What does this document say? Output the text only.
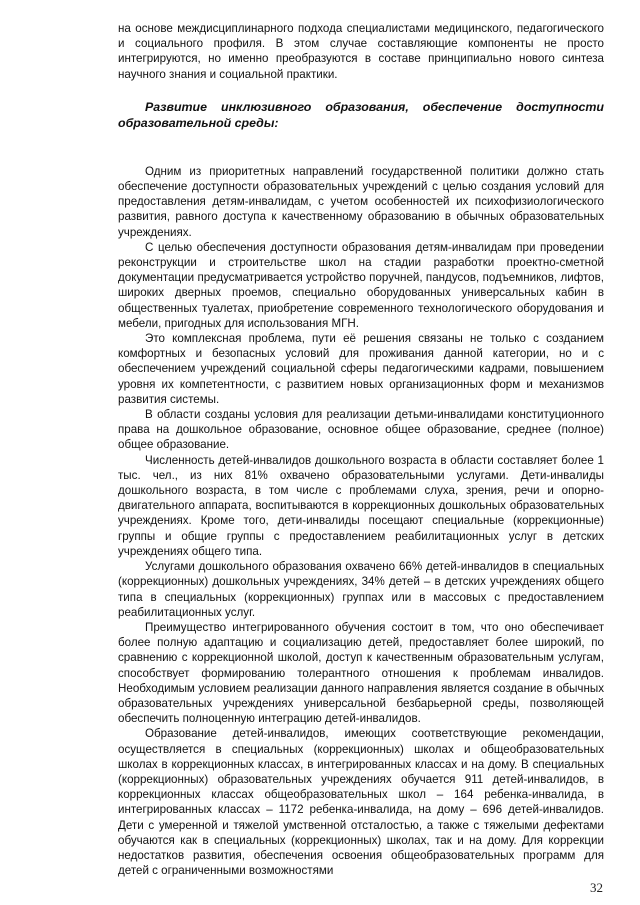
на основе междисциплинарного подхода специалистами медицинского, педагогического и социального профиля. В этом случае составляющие компоненты не просто интегрируются, но именно преобразуются в составе принципиально нового синтеза научного знания и социальной практики.

Развитие инклюзивного образования, обеспечение доступности образовательной среды:

Одним из приоритетных направлений государственной политики должно стать обеспечение доступности образовательных учреждений с целью создания условий для предоставления детям-инвалидам, с учетом особенностей их психофизиологического развития, равного доступа к качественному образованию в обычных образовательных учреждениях.

С целью обеспечения доступности образования детям-инвалидам при проведении реконструкции и строительстве школ на стадии разработки проектно-сметной документации предусматривается устройство поручней, пандусов, подъемников, лифтов, широких дверных проемов, специально оборудованных универсальных кабин в общественных туалетах, приобретение современного технологического оборудования и мебели, пригодных для использования МГН.

Это комплексная проблема, пути её решения связаны не только с созданием комфортных и безопасных условий для проживания данной категории, но и с обеспечением учреждений социальной сферы педагогическими кадрами, повышением уровня их компетентности, с развитием новых организационных форм и механизмов развития системы.

В области созданы условия для реализации детьми-инвалидами конституционного права на дошкольное образование, основное общее образование, среднее (полное) общее образование.

Численность детей-инвалидов дошкольного возраста в области составляет более 1 тыс. чел., из них 81% охвачено образовательными услугами. Дети-инвалиды дошкольного возраста, в том числе с проблемами слуха, зрения, речи и опорно-двигательного аппарата, воспитываются в коррекционных дошкольных образовательных учреждениях. Кроме того, дети-инвалиды посещают специальные (коррекционные) группы и общие группы с предоставлением реабилитационных услуг в детских учреждениях общего типа.

Услугами дошкольного образования охвачено 66% детей-инвалидов в специальных (коррекционных) дошкольных учреждениях, 34% детей – в детских учреждениях общего типа в специальных (коррекционных) группах или в массовых с предоставлением реабилитационных услуг.

Преимущество интегрированного обучения состоит в том, что оно обеспечивает более полную адаптацию и социализацию детей, предоставляет более широкий, по сравнению с коррекционной школой, доступ к качественным образовательным услугам, способствует формированию толерантного отношения к проблемам инвалидов. Необходимым условием реализации данного направления является создание в обычных образовательных учреждениях универсальной безбарьерной среды, позволяющей обеспечить полноценную интеграцию детей-инвалидов.

Образование детей-инвалидов, имеющих соответствующие рекомендации, осуществляется в специальных (коррекционных) школах и общеобразовательных школах в коррекционных классах, в интегрированных классах и на дому. В специальных (коррекционных) образовательных учреждениях обучается 911 детей-инвалидов, в коррекционных классах общеобразовательных школ – 164 ребенка-инвалида, в интегрированных классах – 1172 ребенка-инвалида, на дому – 696 детей-инвалидов. Дети с умеренной и тяжелой умственной отсталостью, а также с тяжелыми дефектами обучаются как в специальных (коррекционных) школах, так и на дому. Для коррекции недостатков развития, обеспечения освоения общеобразовательных программ для детей с ограниченными возможностями

32
